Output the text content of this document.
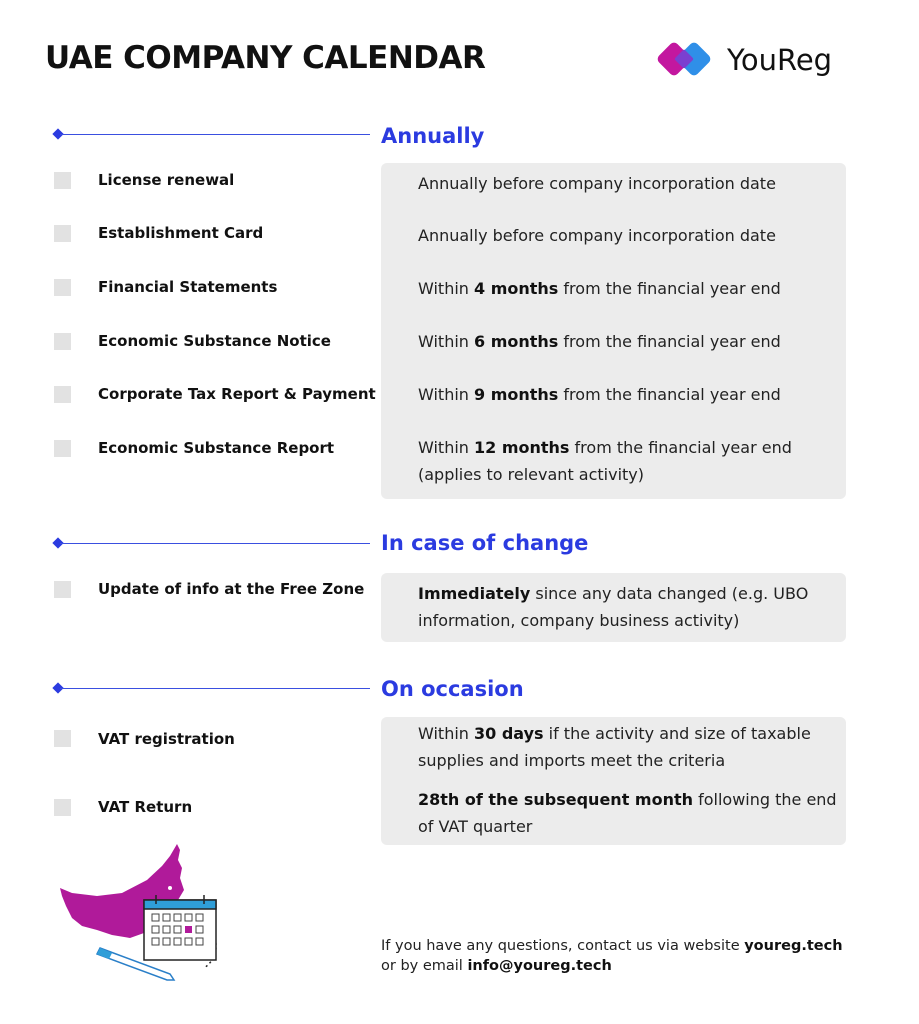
UAE COMPANY CALENDAR	YouReg
Annually
License renewal	Annually before company incorporation date
Establishment Card	Annually before company incorporation date
Financial Statements	Within 4 months from the financial year end
Economic Substance Notice	Within 6 months from the financial year end
Corporate Tax Report & Payment	Within 9 months from the financial year end
Economic Substance Report	Within 12 months from the financial year end (applies to relevant activity)
In case of change
Update of info at the Free Zone	Immediately since any data changed (e.g. UBO information, company business activity)
On occasion
VAT registration	Within 30 days if the activity and size of taxable supplies and imports meet the criteria
VAT Return	28th of the subsequent month following the end of VAT quarter
If you have any questions, contact us via website youreg.tech
or by email info@youreg.tech
